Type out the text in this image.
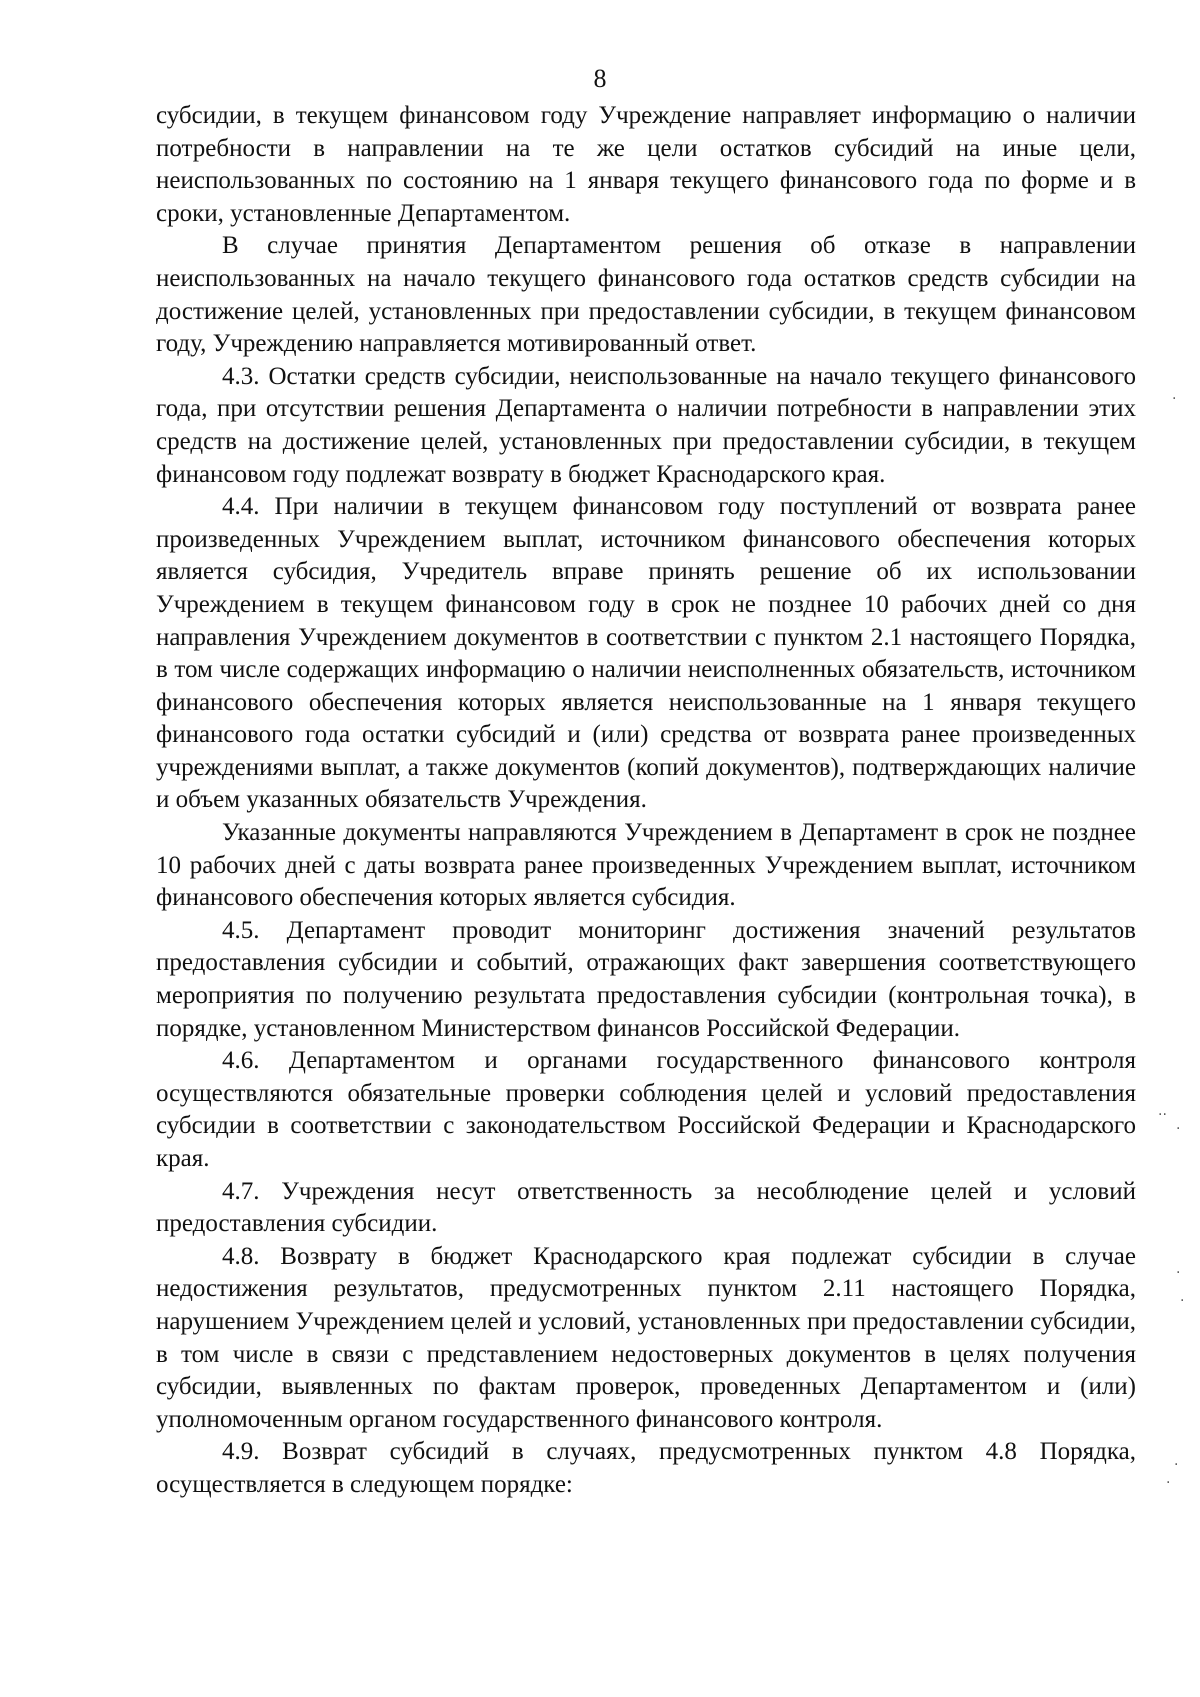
8

субсидии, в текущем финансовом году Учреждение направляет информацию о наличии потребности в направлении на те же цели остатков субсидий на иные цели, неиспользованных по состоянию на 1 января текущего финансового года по форме и в сроки, установленные Департаментом.

В случае принятия Департаментом решения об отказе в направлении неиспользованных на начало текущего финансового года остатков средств субсидии на достижение целей, установленных при предоставлении субсидии, в текущем финансовом году, Учреждению направляется мотивированный ответ.

4.3. Остатки средств субсидии, неиспользованные на начало текущего финансового года, при отсутствии решения Департамента о наличии потребности в направлении этих средств на достижение целей, установленных при предоставлении субсидии, в текущем финансовом году подлежат возврату в бюджет Краснодарского края.

4.4. При наличии в текущем финансовом году поступлений от возврата ранее произведенных Учреждением выплат, источником финансового обеспечения которых является субсидия, Учредитель вправе принять решение об их использовании Учреждением в текущем финансовом году в срок не позднее 10 рабочих дней со дня направления Учреждением документов в соответствии с пунктом 2.1 настоящего Порядка, в том числе содержащих информацию о наличии неисполненных обязательств, источником финансового обеспечения которых является неиспользованные на 1 января текущего финансового года остатки субсидий и (или) средства от возврата ранее произведенных учреждениями выплат, а также документов (копий документов), подтверждающих наличие и объем указанных обязательств Учреждения.

Указанные документы направляются Учреждением в Департамент в срок не позднее 10 рабочих дней с даты возврата ранее произведенных Учреждением выплат, источником финансового обеспечения которых является субсидия.

4.5. Департамент проводит мониторинг достижения значений результатов предоставления субсидии и событий, отражающих факт завершения соответствующего мероприятия по получению результата предоставления субсидии (контрольная точка), в порядке, установленном Министерством финансов Российской Федерации.

4.6. Департаментом и органами государственного финансового контроля осуществляются обязательные проверки соблюдения целей и условий предоставления субсидии в соответствии с законодательством Российской Федерации и Краснодарского края.

4.7. Учреждения несут ответственность за несоблюдение целей и условий предоставления субсидии.

4.8. Возврату в бюджет Краснодарского края подлежат субсидии в случае недостижения результатов, предусмотренных пунктом 2.11 настоящего Порядка, нарушением Учреждением целей и условий, установленных при предоставлении субсидии, в том числе в связи с представлением недостоверных документов в целях получения субсидии, выявленных по фактам проверок, проведенных Департаментом и (или) уполномоченным органом государственного финансового контроля.

4.9. Возврат субсидий в случаях, предусмотренных пунктом 4.8 Порядка, осуществляется в следующем порядке:

·
··
·
·
·
·
·
